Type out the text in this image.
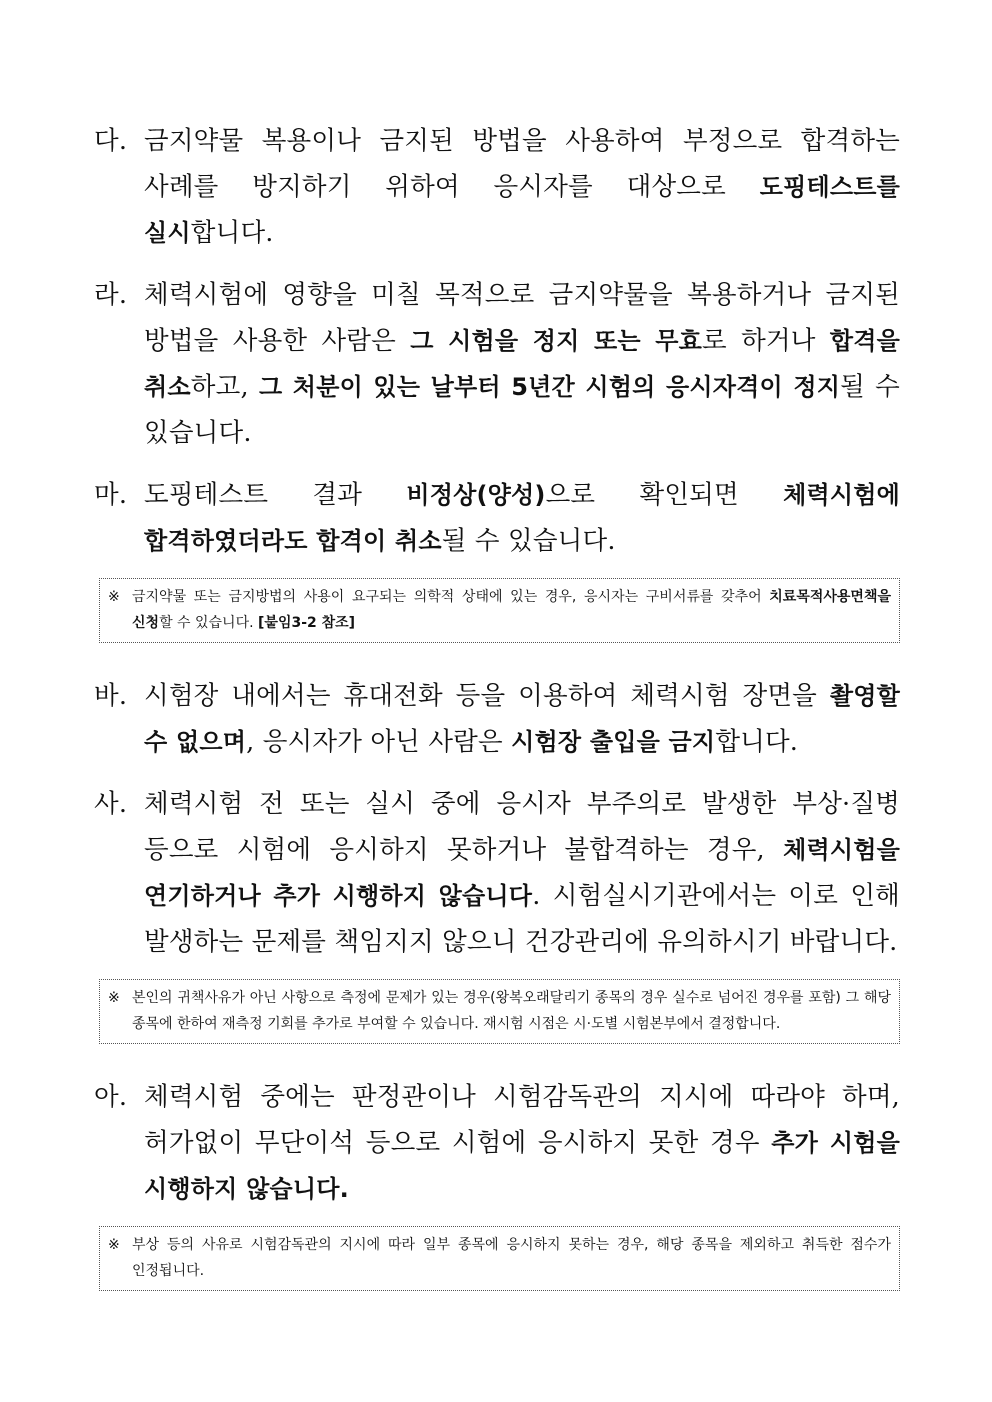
다. 금지약물 복용이나 금지된 방법을 사용하여 부정으로 합격하는 사례를 방지하기 위하여 응시자를 대상으로 도핑테스트를 실시합니다.
라. 체력시험에 영향을 미칠 목적으로 금지약물을 복용하거나 금지된 방법을 사용한 사람은 그 시험을 정지 또는 무효로 하거나 합격을 취소하고, 그 처분이 있는 날부터 5년간 시험의 응시자격이 정지될 수 있습니다.
마. 도핑테스트 결과 비정상(양성)으로 확인되면 체력시험에 합격하였더라도 합격이 취소될 수 있습니다.
※ 금지약물 또는 금지방법의 사용이 요구되는 의학적 상태에 있는 경우, 응시자는 구비서류를 갖추어 치료목적사용면책을 신청할 수 있습니다. [붙임3-2 참조]
바. 시험장 내에서는 휴대전화 등을 이용하여 체력시험 장면을 촬영할 수 없으며, 응시자가 아닌 사람은 시험장 출입을 금지합니다.
사. 체력시험 전 또는 실시 중에 응시자 부주의로 발생한 부상·질병 등으로 시험에 응시하지 못하거나 불합격하는 경우, 체력시험을 연기하거나 추가 시행하지 않습니다. 시험실시기관에서는 이로 인해 발생하는 문제를 책임지지 않으니 건강관리에 유의하시기 바랍니다.
※ 본인의 귀책사유가 아닌 사항으로 측정에 문제가 있는 경우(왕복오래달리기 종목의 경우 실수로 넘어진 경우를 포함) 그 해당 종목에 한하여 재측정 기회를 추가로 부여할 수 있습니다. 재시험 시점은 시·도별 시험본부에서 결정합니다.
아. 체력시험 중에는 판정관이나 시험감독관의 지시에 따라야 하며, 허가없이 무단이석 등으로 시험에 응시하지 못한 경우 추가 시험을 시행하지 않습니다.
※ 부상 등의 사유로 시험감독관의 지시에 따라 일부 종목에 응시하지 못하는 경우, 해당 종목을 제외하고 취득한 점수가 인정됩니다.
